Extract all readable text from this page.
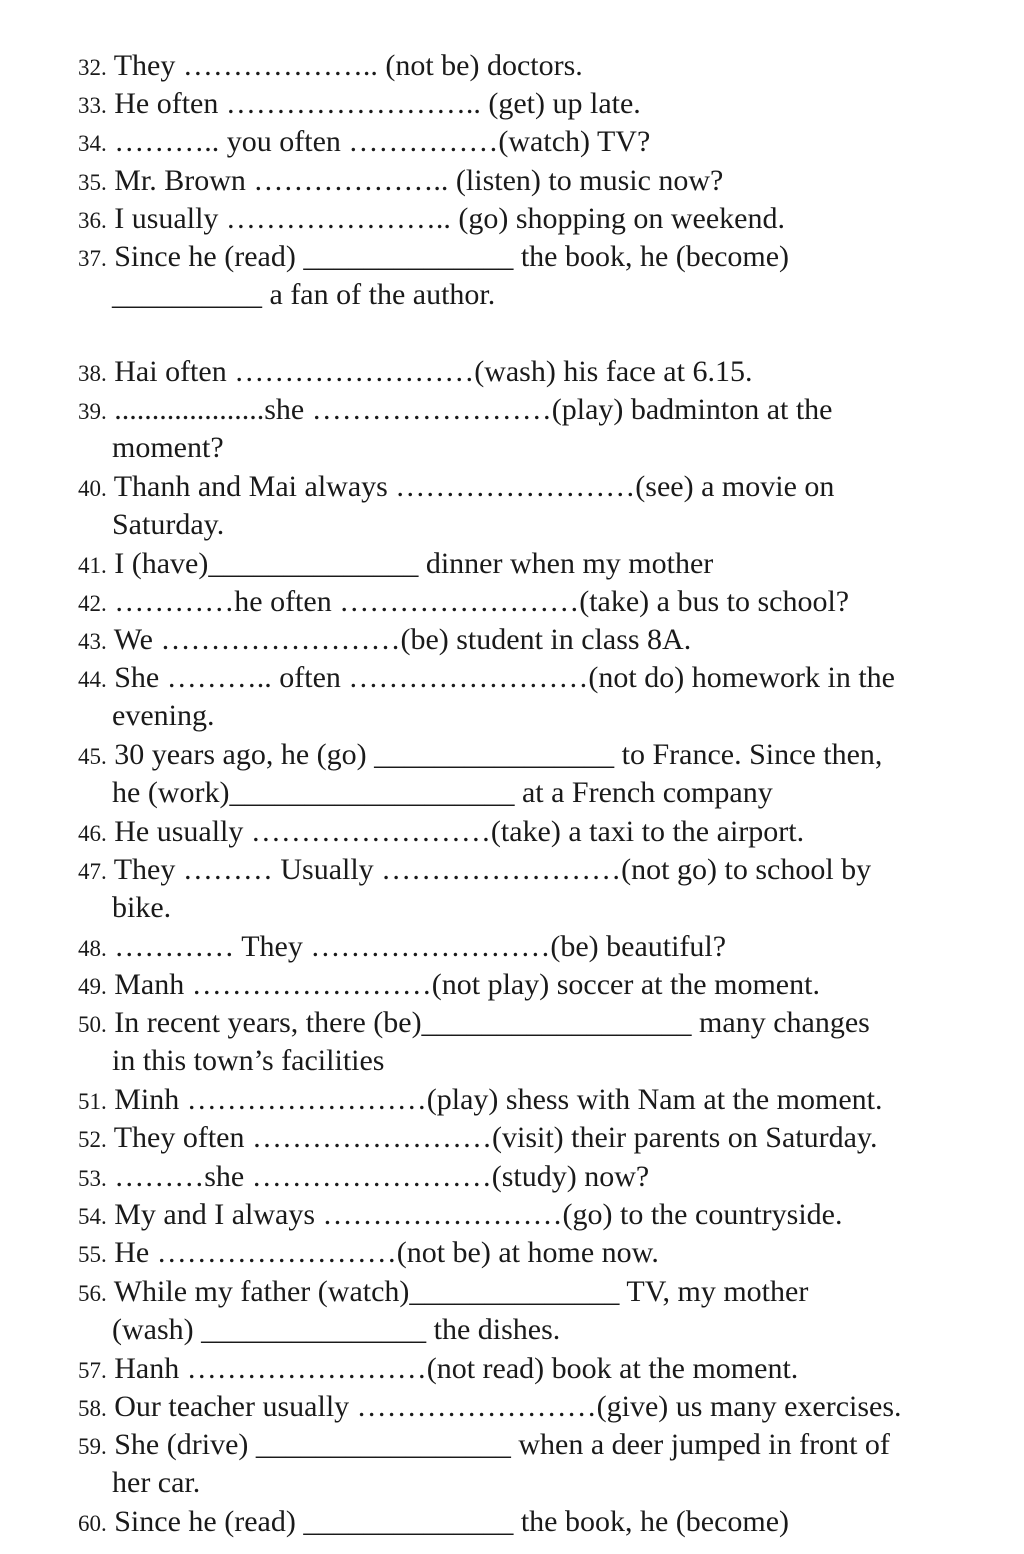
32. They ……………….. (not be) doctors.
33. He often …………………….. (get) up late.
34. ……….. you often ……………(watch) TV?
35. Mr. Brown ……………….. (listen) to music now?
36. I usually ………………….. (go) shopping on weekend.
37. Since he (read) ______________ the book, he (become)
__________ a fan of the author.
38. Hai often ……………………(wash) his face at 6.15.
39. ....................she ……………………(play) badminton at the
moment?
40. Thanh and Mai always ……………………(see) a movie on
Saturday.
41. I (have)______________ dinner when my mother
42. …………he often ……………………(take) a bus to school?
43. We ……………………(be) student in class 8A.
44. She ……….. often ……………………(not do) homework in the
evening.
45. 30 years ago, he (go) ________________ to France. Since then,
he (work)___________________ at a French company
46. He usually ……………………(take) a taxi to the airport.
47. They ……… Usually ……………………(not go) to school by
bike.
48. ………… They ……………………(be) beautiful?
49. Manh ……………………(not play) soccer at the moment.
50. In recent years, there (be)__________________ many changes
in this town’s facilities
51. Minh ……………………(play) shess with Nam at the moment.
52. They often ……………………(visit) their parents on Saturday.
53. ………she ……………………(study) now?
54. My and I always ……………………(go) to the countryside.
55. He ……………………(not be) at home now.
56. While my father (watch)______________ TV, my mother
(wash) _______________ the dishes.
57. Hanh ……………………(not read) book at the moment.
58. Our teacher usually ……………………(give) us many exercises.
59. She (drive) _________________ when a deer jumped in front of
her car.
60. Since he (read) ______________ the book, he (become)
